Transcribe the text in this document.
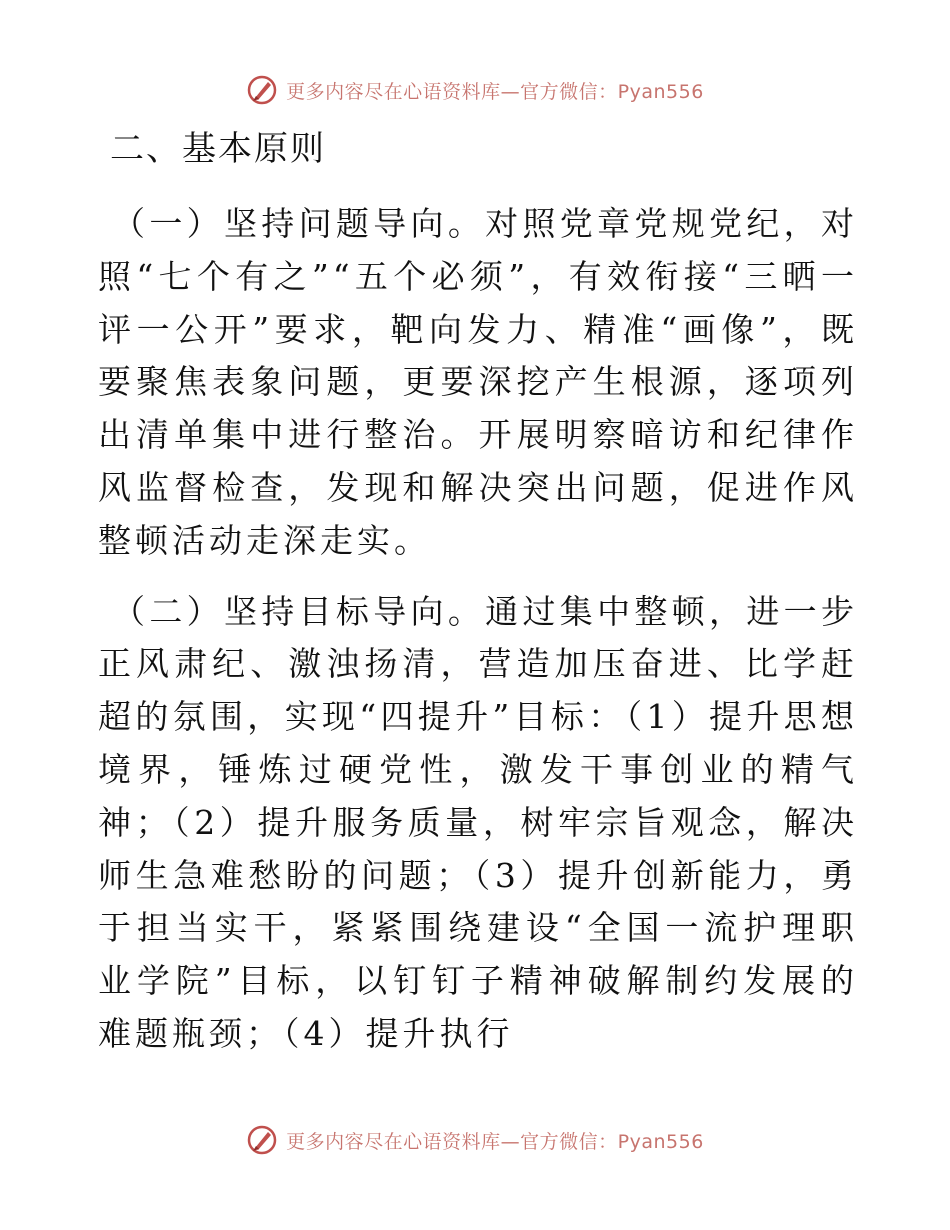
更多内容尽在心语资料库—官方微信：Pyan556
二、基本原则

（一）坚持问题导向。对照党章党规党纪，对照“七个有之”“五个必须”，有效衔接“三晒一评一公开”要求，靶向发力、精准“画像”，既要聚焦表象问题，更要深挖产生根源，逐项列出清单集中进行整治。开展明察暗访和纪律作风监督检查，发现和解决突出问题，促进作风整顿活动走深走实。

（二）坚持目标导向。通过集中整顿，进一步正风肃纪、激浊扬清，营造加压奋进、比学赶超的氛围，实现“四提升”目标：（1）提升思想境界，锤炼过硬党性，激发干事创业的精气神；（2）提升服务质量，树牢宗旨观念，解决师生急难愁盼的问题；（3）提升创新能力，勇于担当实干，紧紧围绕建设“全国一流护理职业学院”目标，以钉钉子精神破解制约发展的难题瓶颈；（4）提升执行

更多内容尽在心语资料库—官方微信：Pyan556
